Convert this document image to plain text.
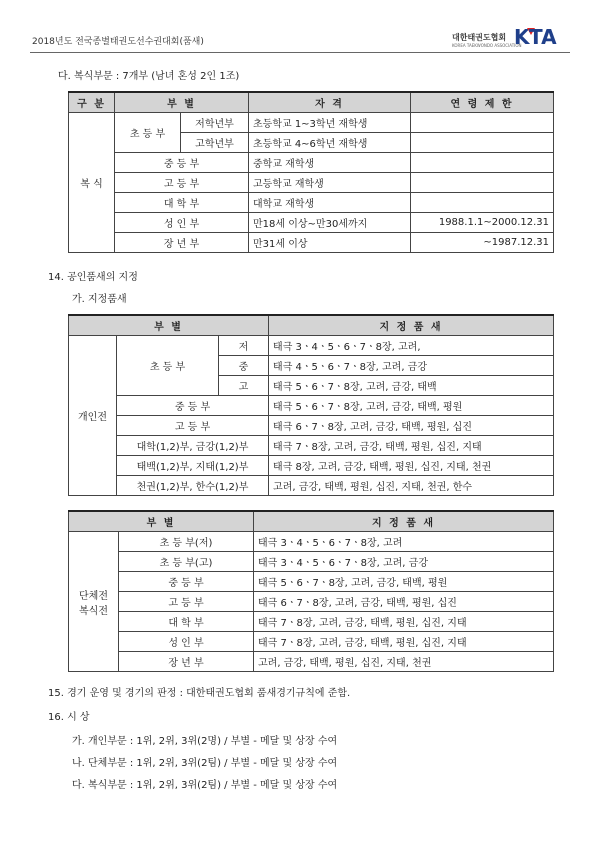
2018년도 전국종별태권도선수권대회(품새)	대한태권도협회
KOREA TAEKWONDO ASSOCIATION
K TA
다. 복식부문 : 7개부 (남녀 혼성 2인 1조)
구 분	부 별		자 격	연 령 제 한
복 식	초 등 부	저학년부	초등학교 1~3학년 재학생	
		고학년부	초등학교 4~6학년 재학생	
	중 등 부		중학교 재학생	
	고 등 부		고등학교 재학생	
	대 학 부		대학교 재학생	
	성 인 부		만18세 이상~만30세까지	1988.1.1~2000.12.31
	장 년 부		만31세 이상	~1987.12.31
14. 공인품새의 지정
가. 지정품새
부 별			지 정 품 새
개인전	초 등 부	저	태극 3ㆍ4ㆍ5ㆍ6ㆍ7ㆍ8장, 고려,
		중	태극 4ㆍ5ㆍ6ㆍ7ㆍ8장, 고려, 금강
		고	태극 5ㆍ6ㆍ7ㆍ8장, 고려, 금강, 태백
	중 등 부		태극 5ㆍ6ㆍ7ㆍ8장, 고려, 금강, 태백, 평원
	고 등 부		태극 6ㆍ7ㆍ8장, 고려, 금강, 태백, 평원, 십진
	대학(1,2)부, 금강(1,2)부		태극 7ㆍ8장, 고려, 금강, 태백, 평원, 십진, 지태
	태백(1,2)부, 지태(1,2)부		태극 8장, 고려, 금강, 태백, 평원, 십진, 지태, 천권
	천권(1,2)부, 한수(1,2)부		고려, 금강, 태백, 평원, 십진, 지태, 천권, 한수
부 별		지 정 품 새

단체전
복식전	초 등 부(저)	태극 3ㆍ4ㆍ5ㆍ6ㆍ7ㆍ8장, 고려
	초 등 부(고)	태극 3ㆍ4ㆍ5ㆍ6ㆍ7ㆍ8장, 고려, 금강
	중 등 부	태극 5ㆍ6ㆍ7ㆍ8장, 고려, 금강, 태백, 평원
	고 등 부	태극 6ㆍ7ㆍ8장, 고려, 금강, 태백, 평원, 십진
	대 학 부	태극 7ㆍ8장, 고려, 금강, 태백, 평원, 십진, 지태
	성 인 부	태극 7ㆍ8장, 고려, 금강, 태백, 평원, 십진, 지태
	장 년 부	고려, 금강, 태백, 평원, 십진, 지태, 천권
15. 경기 운영 및 경기의 판정 : 대한태권도협회 품새경기규칙에 준함.
16. 시 상
가. 개인부문 : 1위, 2위, 3위(2명) / 부별 - 메달 및 상장 수여
나. 단체부문 : 1위, 2위, 3위(2팀) / 부별 - 메달 및 상장 수여
다. 복식부문 : 1위, 2위, 3위(2팀) / 부별 - 메달 및 상장 수여
